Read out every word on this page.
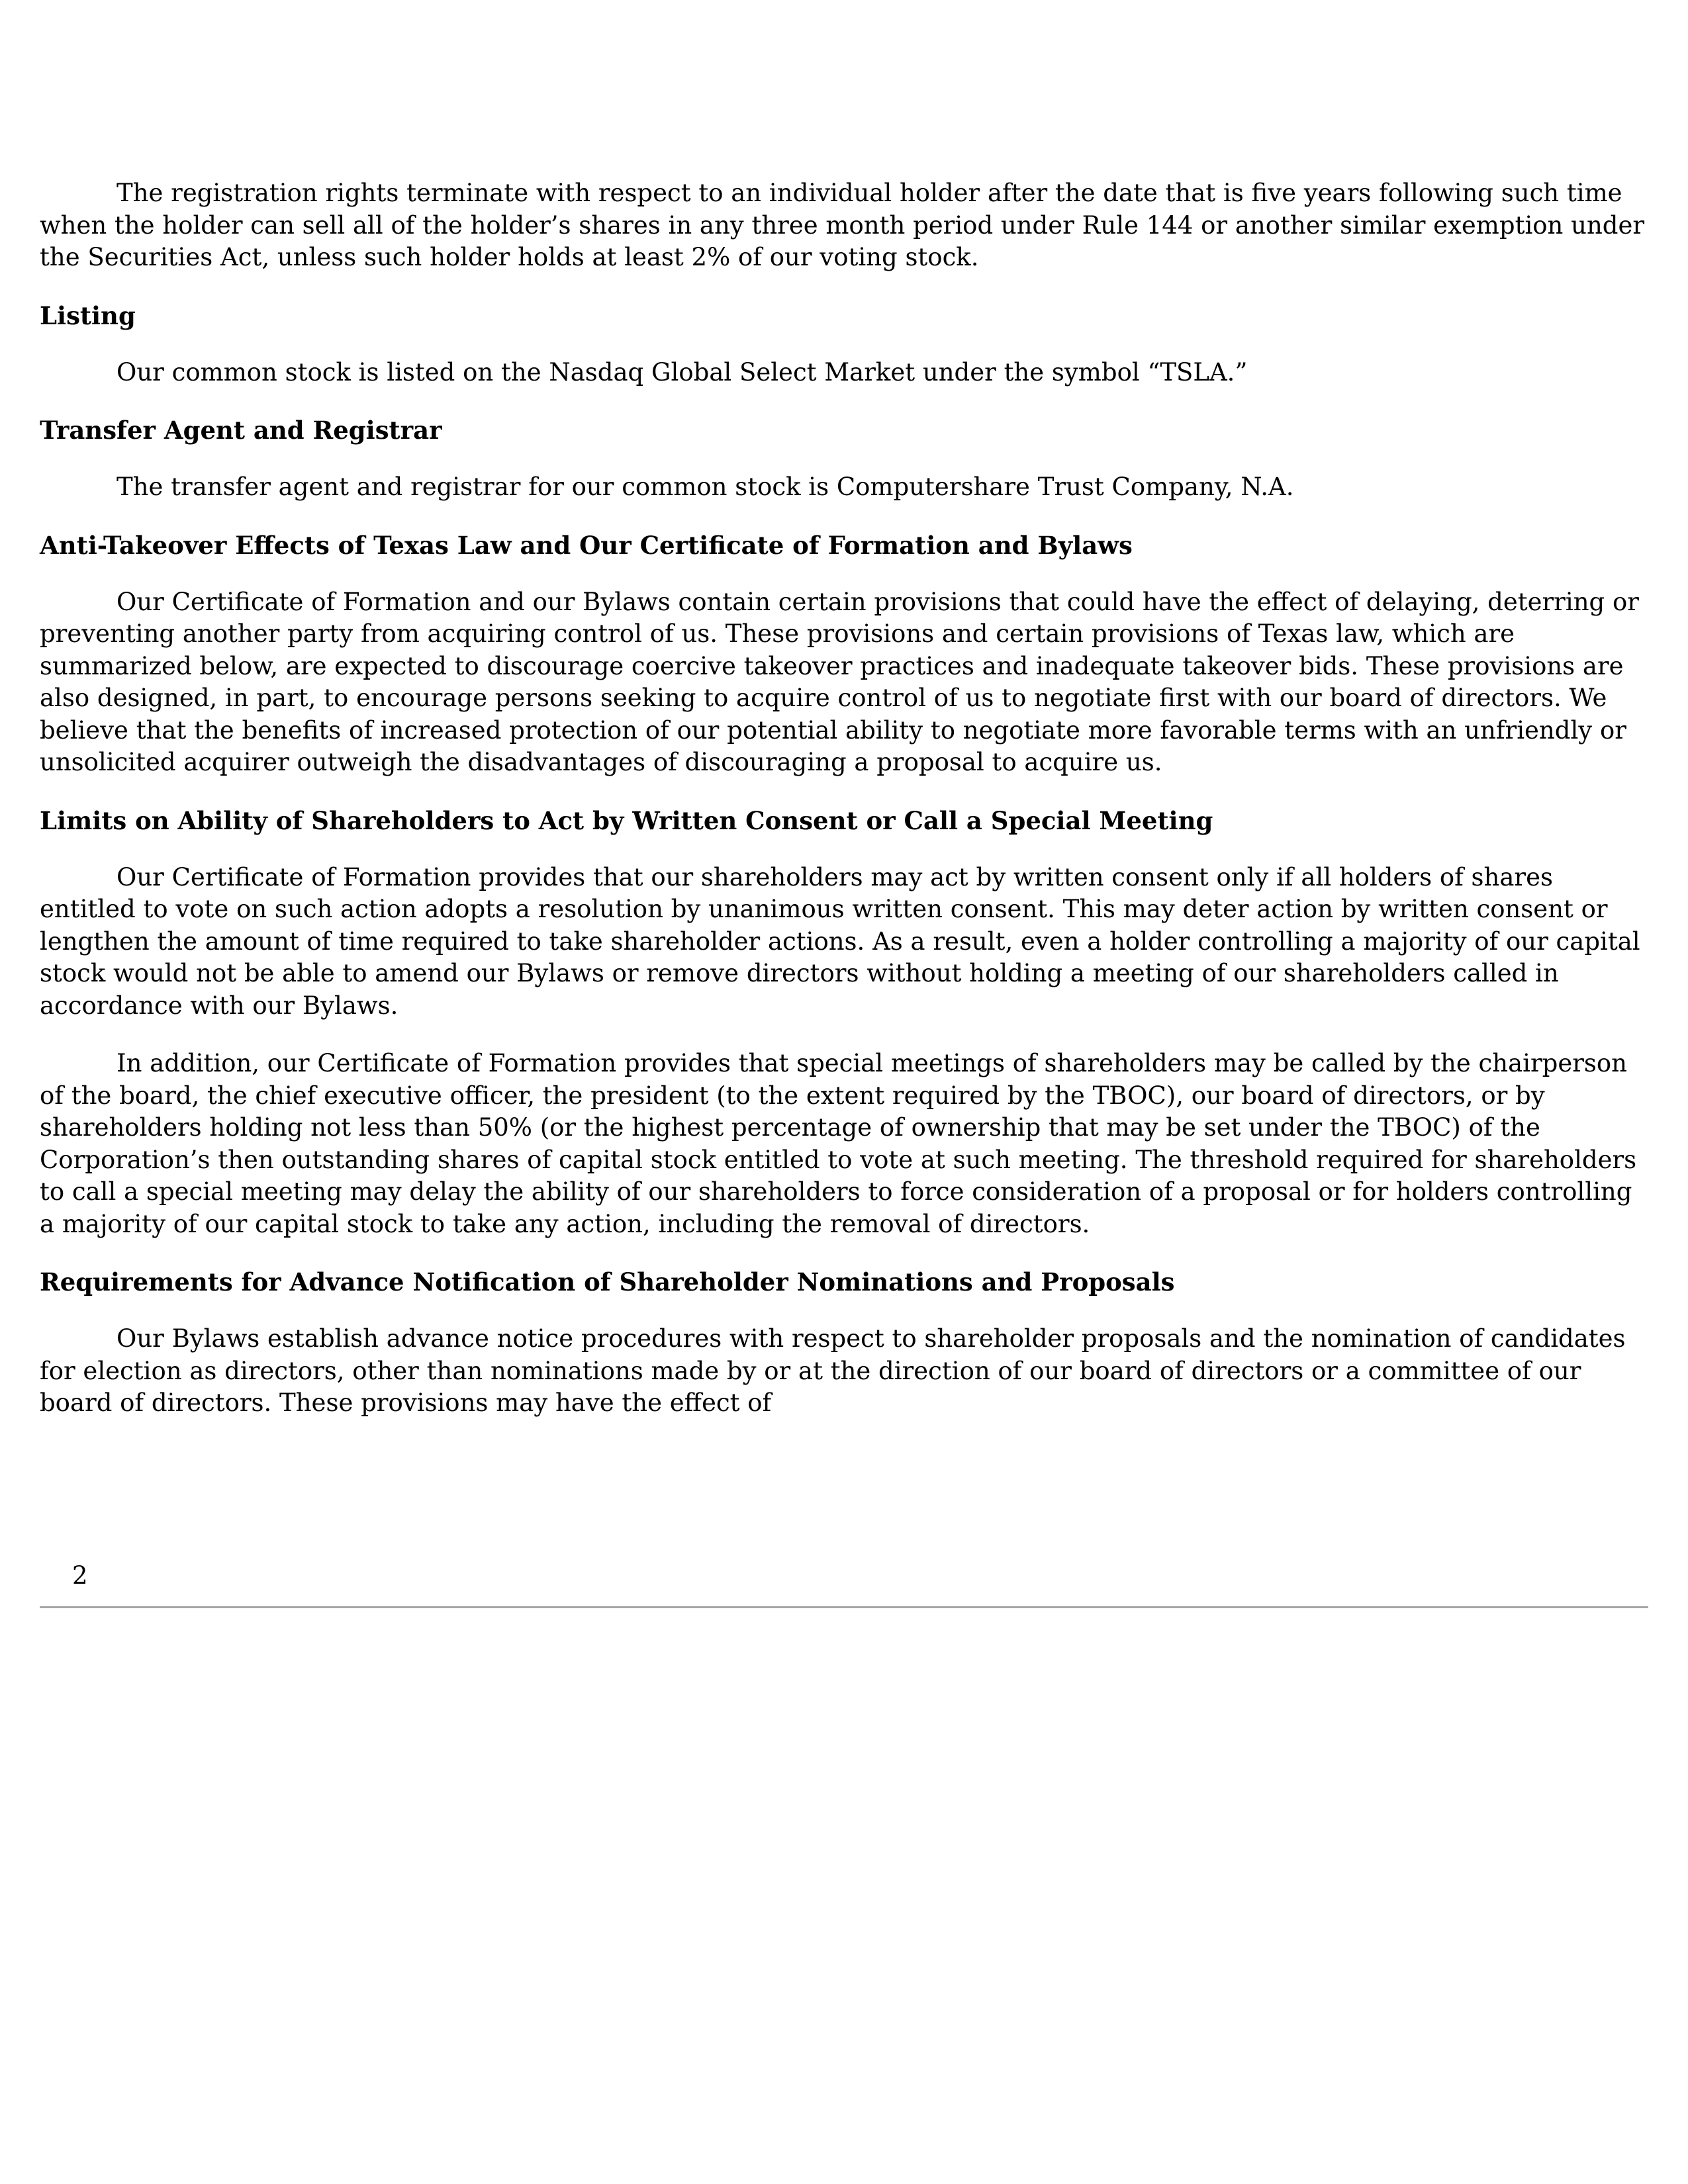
The registration rights terminate with respect to an individual holder after the date that is five years following such time when the holder can sell all of the holder’s shares in any three month period under Rule 144 or another similar exemption under the Securities Act, unless such holder holds at least 2% of our voting stock.

Listing

Our common stock is listed on the Nasdaq Global Select Market under the symbol “TSLA.”

Transfer Agent and Registrar

The transfer agent and registrar for our common stock is Computershare Trust Company, N.A.

Anti-Takeover Effects of Texas Law and Our Certificate of Formation and Bylaws

Our Certificate of Formation and our Bylaws contain certain provisions that could have the effect of delaying, deterring or preventing another party from acquiring control of us. These provisions and certain provisions of Texas law, which are summarized below, are expected to discourage coercive takeover practices and inadequate takeover bids. These provisions are also designed, in part, to encourage persons seeking to acquire control of us to negotiate first with our board of directors. We believe that the benefits of increased protection of our potential ability to negotiate more favorable terms with an unfriendly or unsolicited acquirer outweigh the disadvantages of discouraging a proposal to acquire us.

Limits on Ability of Shareholders to Act by Written Consent or Call a Special Meeting

Our Certificate of Formation provides that our shareholders may act by written consent only if all holders of shares entitled to vote on such action adopts a resolution by unanimous written consent. This may deter action by written consent or lengthen the amount of time required to take shareholder actions. As a result, even a holder controlling a majority of our capital stock would not be able to amend our Bylaws or remove directors without holding a meeting of our shareholders called in accordance with our Bylaws.

In addition, our Certificate of Formation provides that special meetings of shareholders may be called by the chairperson of the board, the chief executive officer, the president (to the extent required by the TBOC), our board of directors, or by shareholders holding not less than 50% (or the highest percentage of ownership that may be set under the TBOC) of the Corporation’s then outstanding shares of capital stock entitled to vote at such meeting. The threshold required for shareholders to call a special meeting may delay the ability of our shareholders to force consideration of a proposal or for holders controlling a majority of our capital stock to take any action, including the removal of directors.

Requirements for Advance Notification of Shareholder Nominations and Proposals

Our Bylaws establish advance notice procedures with respect to shareholder proposals and the nomination of candidates for election as directors, other than nominations made by or at the direction of our board of directors or a committee of our board of directors. These provisions may have the effect of

2
